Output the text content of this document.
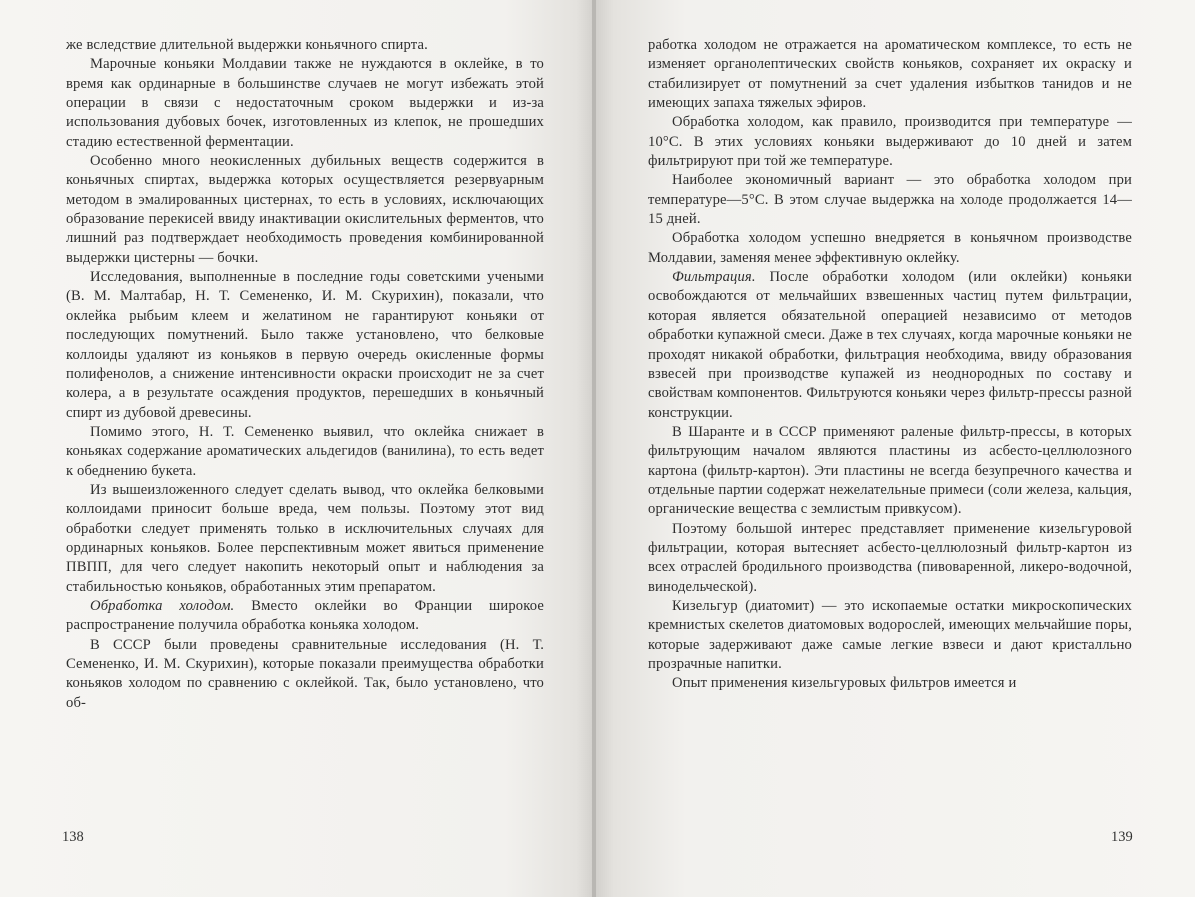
же вследствие длительной выдержки коньячного спирта.

Марочные коньяки Молдавии также не нуждаются в оклейке, в то время как ординарные в большинстве случаев не могут избежать этой операции в связи с недостаточным сроком выдержки и из-за использования дубовых бочек, изготовленных из клепок, не прошедших стадию естественной ферментации.

Особенно много неокисленных дубильных веществ содержится в коньячных спиртах, выдержка которых осуществляется резервуарным методом в эмалированных цистернах, то есть в условиях, исключающих образование перекисей ввиду инактивации окислительных ферментов, что лишний раз подтверждает необходимость проведения комбинированной выдержки цистерны — бочки.

Исследования, выполненные в последние годы советскими учеными (В. М. Малтабар, Н. Т. Семененко, И. М. Скурихин), показали, что оклейка рыбьим клеем и желатином не гарантируют коньяки от последующих помутнений. Было также установлено, что белковые коллоиды удаляют из коньяков в первую очередь окисленные формы полифенолов, а снижение интенсивности окраски происходит не за счет колера, а в результате осаждения продуктов, перешедших в коньячный спирт из дубовой древесины.

Помимо этого, Н. Т. Семененко выявил, что оклейка снижает в коньяках содержание ароматических альдегидов (ванилина), то есть ведет к обеднению букета.

Из вышеизложенного следует сделать вывод, что оклейка белковыми коллоидами приносит больше вреда, чем пользы. Поэтому этот вид обработки следует применять только в исключительных случаях для ординарных коньяков. Более перспективным может явиться применение ПВПП, для чего следует накопить некоторый опыт и наблюдения за стабильностью коньяков, обработанных этим препаратом.

Обработка холодом. Вместо оклейки во Франции широкое распространение получила обработка коньяка холодом.

В СССР были проведены сравнительные исследования (Н. Т. Семененко, И. М. Скурихин), которые показали преимущества обработки коньяков холодом по сравнению с оклейкой. Так, было установлено, что об-

138

работка холодом не отражается на ароматическом комплексе, то есть не изменяет органолептических свойств коньяков, сохраняет их окраску и стабилизирует от помутнений за счет удаления избытков танидов и не имеющих запаха тяжелых эфиров.

Обработка холодом, как правило, производится при температуре —10°С. В этих условиях коньяки выдерживают до 10 дней и затем фильтрируют при той же температуре.

Наиболее экономичный вариант — это обработка холодом при температуре—5°С. В этом случае выдержка на холоде продолжается 14—15 дней.

Обработка холодом успешно внедряется в коньячном производстве Молдавии, заменяя менее эффективную оклейку.

Фильтрация. После обработки холодом (или оклейки) коньяки освобождаются от мельчайших взвешенных частиц путем фильтрации, которая является обязательной операцией независимо от методов обработки купажной смеси. Даже в тех случаях, когда марочные коньяки не проходят никакой обработки, фильтрация необходима, ввиду образования взвесей при производстве купажей из неоднородных по составу и свойствам компонентов. Фильтруются коньяки через фильтр-прессы разной конструкции.

В Шаранте и в СССР применяют раленые фильтр-прессы, в которых фильтрующим началом являются пластины из асбесто-целлюлозного картона (фильтр-картон). Эти пластины не всегда безупречного качества и отдельные партии содержат нежелательные примеси (соли железа, кальция, органические вещества с землистым привкусом).

Поэтому большой интерес представляет применение кизельгуровой фильтрации, которая вытесняет асбесто-целлюлозный фильтр-картон из всех отраслей бродильного производства (пивоваренной, ликеро-водочной, винодельческой).

Кизельгур (диатомит) — это ископаемые остатки микроскопических кремнистых скелетов диатомовых водорослей, имеющих мельчайшие поры, которые задерживают даже самые легкие взвеси и дают кристалльно прозрачные напитки.

Опыт применения кизельгуровых фильтров имеется и

139
